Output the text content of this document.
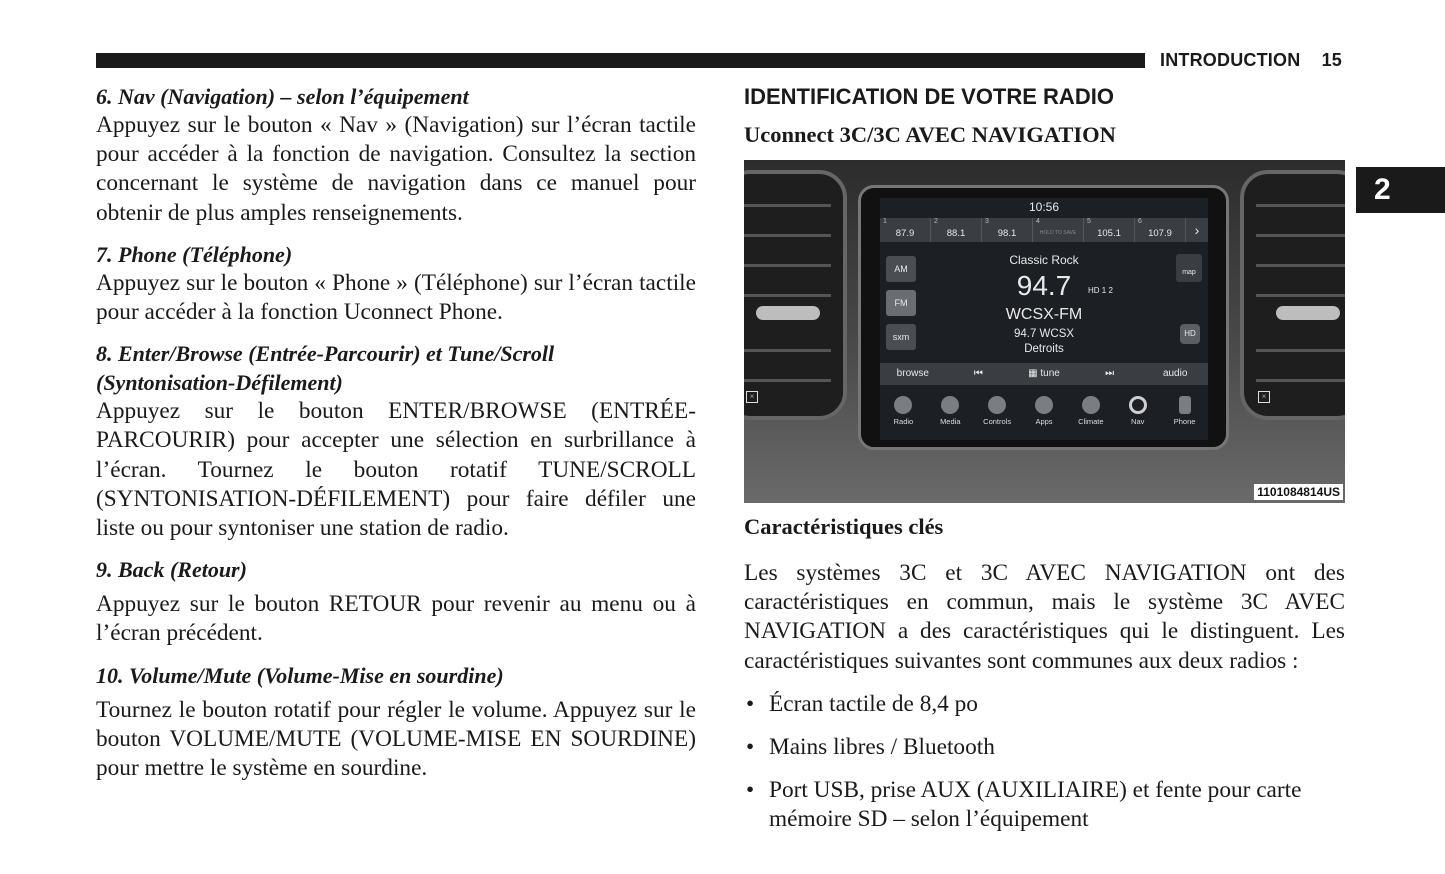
INTRODUCTION 15
2

6. Nav (Navigation) – selon l’équipement

Appuyez sur le bouton « Nav » (Navigation) sur l’écran tactile pour accéder à la fonction de navigation. Consultez la section concernant le système de navigation dans ce manuel pour obtenir de plus amples renseignements.

7. Phone (Téléphone)

Appuyez sur le bouton « Phone » (Téléphone) sur l’écran tactile pour accéder à la fonction Uconnect Phone.

8. Enter/Browse (Entrée-Parcourir) et Tune/Scroll (Syntonisation-Défilement)

Appuyez sur le bouton ENTER/BROWSE (ENTRÉE-PARCOURIR) pour accepter une sélection en surbrillance à l’écran. Tournez le bouton rotatif TUNE/SCROLL (SYNTONISATION-DÉFILEMENT) pour faire défiler une liste ou pour syntoniser une station de radio.

9. Back (Retour)

Appuyez sur le bouton RETOUR pour revenir au menu ou à l’écran précédent.

10. Volume/Mute (Volume-Mise en sourdine)

Tournez le bouton rotatif pour régler le volume. Appuyez sur le bouton VOLUME/MUTE (VOLUME-MISE EN SOURDINE) pour mettre le système en sourdine.

IDENTIFICATION DE VOTRE RADIO

Uconnect 3C/3C AVEC NAVIGATION

×	×
10:56
1
87.9
2
88.1
3
98.1
4
HOLD TO SAVE
5
105.1
6
107.9	›
AM
FM
sxm
map
HD
Classic Rock
94.7	HD 1 2
WCSX-FM
94.7 WCSX
Detroits
browse	⏮	▦ tune	⏭	audio
Radio	Media	Controls	Apps	Climate	Nav	Phone
1101084814US

Caractéristiques clés

Les systèmes 3C et 3C AVEC NAVIGATION ont des caractéristiques en commun, mais le système 3C AVEC NAVIGATION a des caractéristiques qui le distinguent. Les caractéristiques suivantes sont communes aux deux radios :

• Écran tactile de 8,4 po
• Mains libres / Bluetooth
• Port USB, prise AUX (AUXILIAIRE) et fente pour carte mémoire SD – selon l’équipement
